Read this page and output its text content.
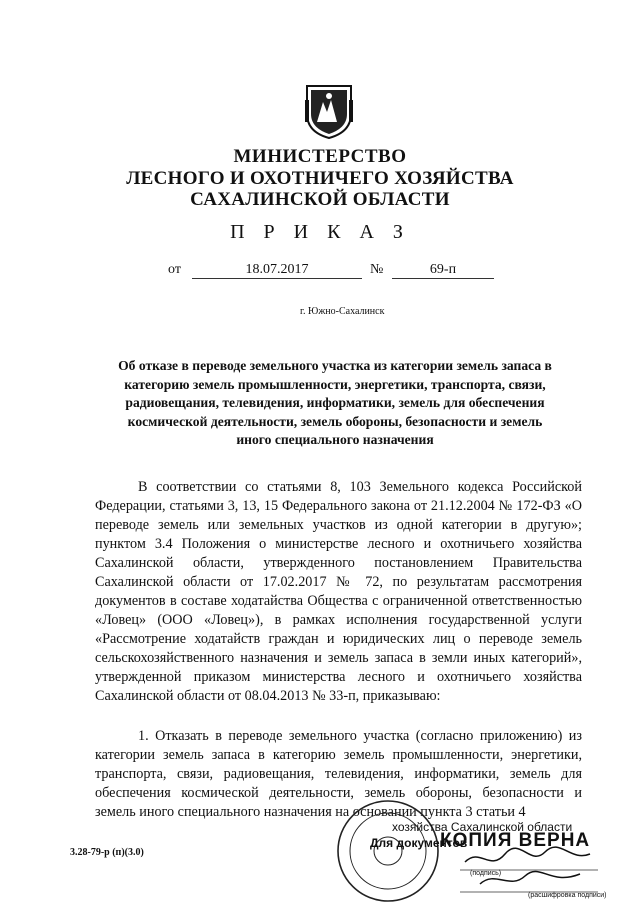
МИНИСТЕРСТВО
ЛЕСНОГО И ОХОТНИЧЕГО ХОЗЯЙСТВА
САХАЛИНСКОЙ ОБЛАСТИ
П Р И К А З
от	18.07.2017	№	69-п
г. Южно-Сахалинск
Об отказе в переводе земельного участка из категории земель запаса в категорию земель промышленности, энергетики, транспорта, связи, радиовещания, телевидения, информатики, земель для обеспечения космической деятельности, земель обороны, безопасности и земель иного специального назначения
В соответствии со статьями 8, 103 Земельного кодекса Российской Федерации, статьями 3, 13, 15 Федерального закона от 21.12.2004 № 172-ФЗ «О переводе земель или земельных участков из одной категории в другую»; пунктом 3.4 Положения о министерстве лесного и охотничьего хозяйства Сахалинской области, утвержденного постановлением Правительства Сахалинской области от 17.02.2017 № 72, по результатам рассмотрения документов в составе ходатайства Общества с ограниченной ответственностью «Ловец» (ООО «Ловец»), в рамках исполнения государственной услуги «Рассмотрение ходатайств граждан и юридических лиц о переводе земель сельскохозяйственного назначения и земель запаса в земли иных категорий», утвержденной приказом министерства лесного и охотничьего хозяйства Сахалинской области от 08.04.2013 № 33-п, приказываю:
1. Отказать в переводе земельного участка (согласно приложению) из категории земель запаса в категорию земель промышленности, энергетики, транспорта, связи, радиовещания, телевидения, информатики, земель для обеспечения космической деятельности, земель обороны, безопасности и земель иного специального назначения на основании пункта 3 статьи 4
3.28-79-р (п)(3.0)
хозяйства Сахалинской области
Для документов
КОПИЯ ВЕРНА
(подпись)
(расшифровка подписи)
